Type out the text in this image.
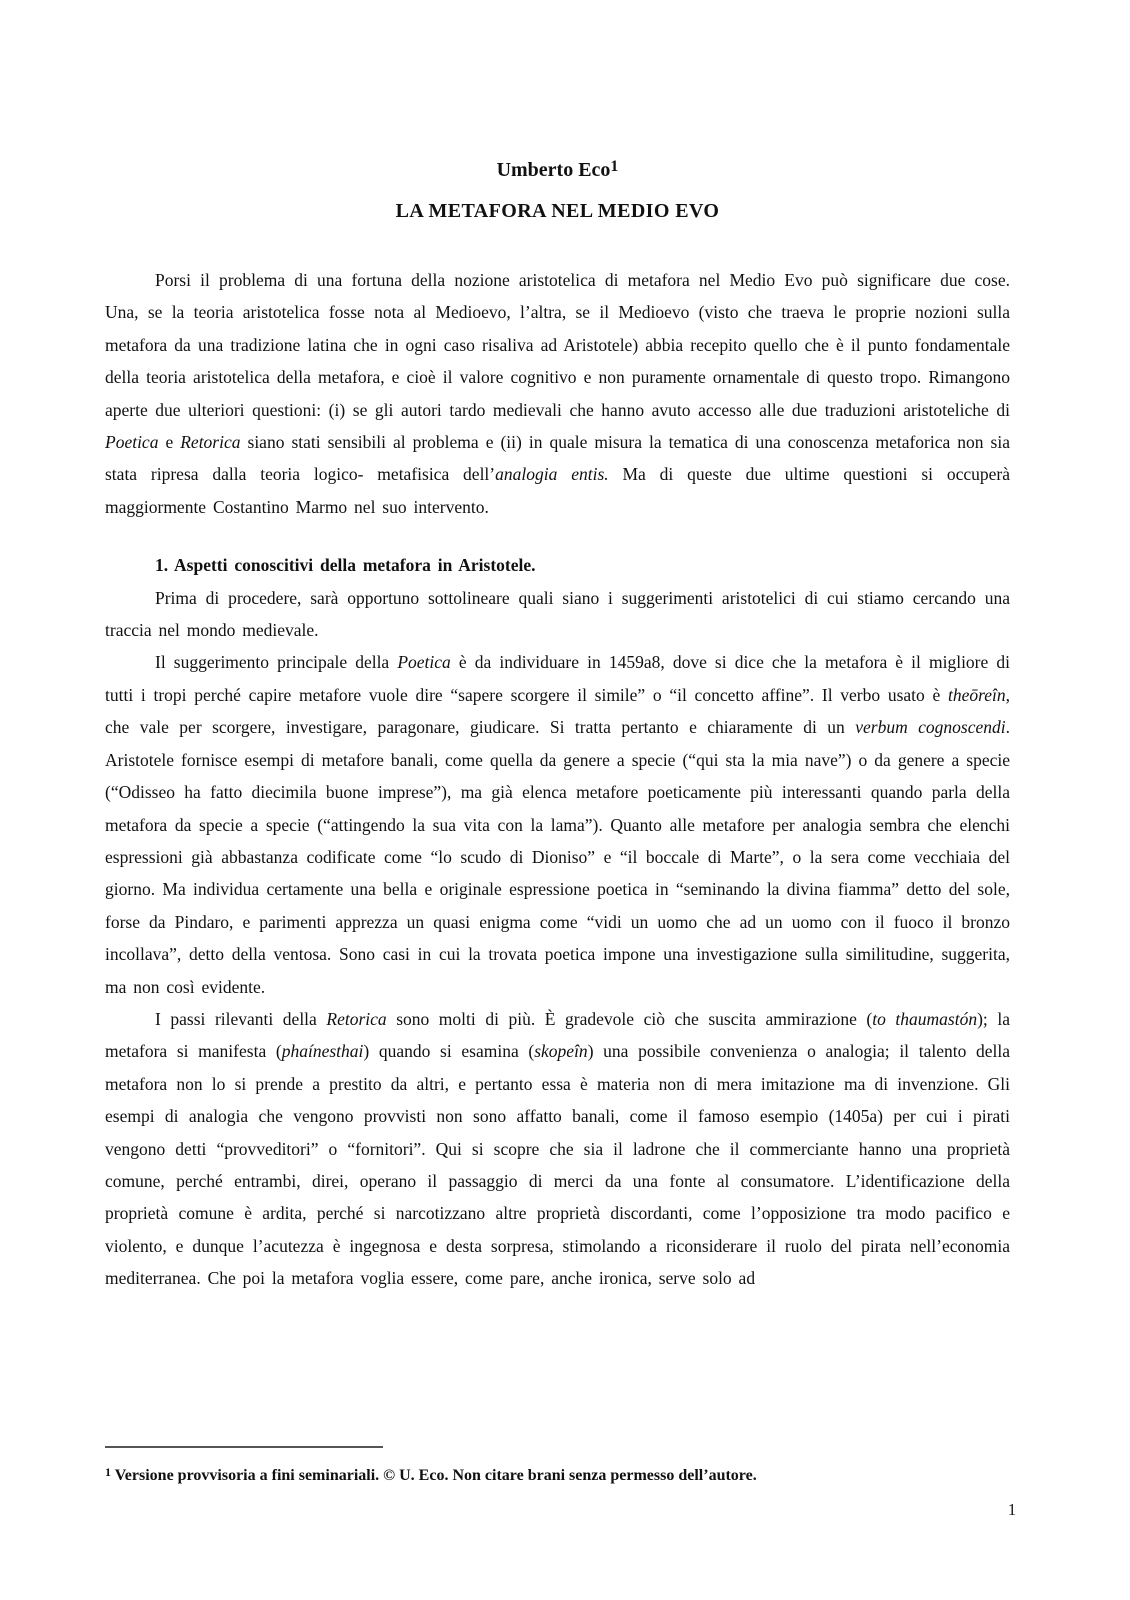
Umberto Eco$^1$
LA METAFORA NEL MEDIO EVO

Porsi il problema di una fortuna della nozione aristotelica di metafora nel Medio Evo può significare due cose. Una, se la teoria aristotelica fosse nota al Medioevo, l’altra, se il Medioevo (visto che traeva le proprie nozioni sulla metafora da una tradizione latina che in ogni caso risaliva ad Aristotele) abbia recepito quello che è il punto fondamentale della teoria aristotelica della metafora, e cioè il valore cognitivo e non puramente ornamentale di questo tropo. Rimangono aperte due ulteriori questioni: (i) se gli autori tardo medievali che hanno avuto accesso alle due traduzioni aristoteliche di Poetica e Retorica siano stati sensibili al problema e (ii) in quale misura la tematica di una conoscenza metaforica non sia stata ripresa dalla teoria logico- metafisica dell’analogia entis. Ma di queste due ultime questioni si occuperà maggiormente Costantino Marmo nel suo intervento.

1. Aspetti conoscitivi della metafora in Aristotele.

Prima di procedere, sarà opportuno sottolineare quali siano i suggerimenti aristotelici di cui stiamo cercando una traccia nel mondo medievale.

Il suggerimento principale della Poetica è da individuare in 1459a8, dove si dice che la metafora è il migliore di tutti i tropi perché capire metafore vuole dire “sapere scorgere il simile” o “il concetto affine”. Il verbo usato è theōreîn, che vale per scorgere, investigare, paragonare, giudicare. Si tratta pertanto e chiaramente di un verbum cognoscendi. Aristotele fornisce esempi di metafore banali, come quella da genere a specie (“qui sta la mia nave”) o da genere a specie (“Odisseo ha fatto diecimila buone imprese”), ma già elenca metafore poeticamente più interessanti quando parla della metafora da specie a specie (“attingendo la sua vita con la lama”). Quanto alle metafore per analogia sembra che elenchi espressioni già abbastanza codificate come “lo scudo di Dioniso” e “il boccale di Marte”, o la sera come vecchiaia del giorno. Ma individua certamente una bella e originale espressione poetica in “seminando la divina fiamma” detto del sole, forse da Pindaro, e parimenti apprezza un quasi enigma come “vidi un uomo che ad un uomo con il fuoco il bronzo incollava”, detto della ventosa. Sono casi in cui la trovata poetica impone una investigazione sulla similitudine, suggerita, ma non così evidente.

I passi rilevanti della Retorica sono molti di più. È gradevole ciò che suscita ammirazione (to thaumastón); la metafora si manifesta (phaínesthai) quando si esamina (skopeîn) una possibile convenienza o analogia; il talento della metafora non lo si prende a prestito da altri, e pertanto essa è materia non di mera imitazione ma di invenzione. Gli esempi di analogia che vengono provvisti non sono affatto banali, come il famoso esempio (1405a) per cui i pirati vengono detti “provveditori” o “fornitori”. Qui si scopre che sia il ladrone che il commerciante hanno una proprietà comune, perché entrambi, direi, operano il passaggio di merci da una fonte al consumatore. L’identificazione della proprietà comune è ardita, perché si narcotizzano altre proprietà discordanti, come l’opposizione tra modo pacifico e violento, e dunque l’acutezza è ingegnosa e desta sorpresa, stimolando a riconsiderare il ruolo del pirata nell’economia mediterranea. Che poi la metafora voglia essere, come pare, anche ironica, serve solo ad

$^1$ Versione provvisoria a fini seminariali. © U. Eco. Non citare brani senza permesso dell’autore.
1
